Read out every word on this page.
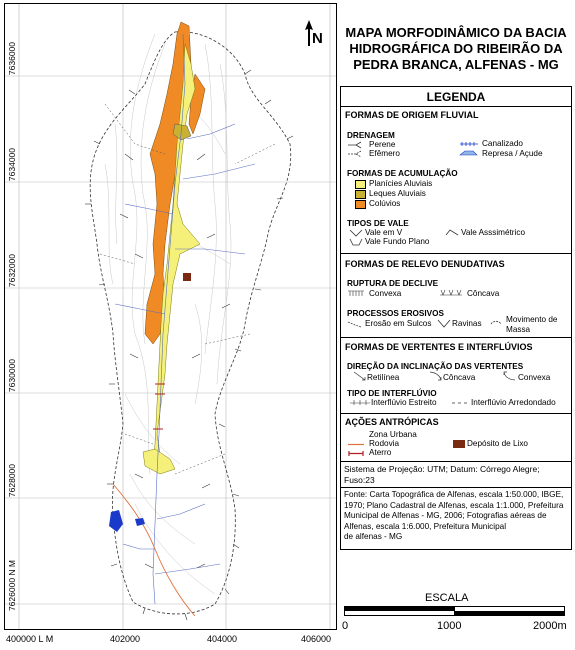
7636000
7634000
7632000
7630000
7628000
7626000 N M
400000 L M	402000	404000	406000
N	MAPA MORFODINÂMICO DA BACIA
HIDROGRÁFICA DO RIBEIRÃO DA
PEDRA BRANCA, ALFENAS - MG
LEGENDA
FORMAS DE ORIGEM FLUVIAL
DRENAGEM
Perene
Efêmero
Canalizado
Represa / Açude
FORMAS DE ACUMULAÇÃO
Planícies Aluviais
Leques Aluviais
Colúvios
TIPOS DE VALE
Vale em V	Vale Asssimétrico
Vale Fundo Plano
FORMAS DE RELEVO DENUDATIVAS
RUPTURA DE DECLIVE
Convexa	Côncava
PROCESSOS EROSIVOS
Erosão em Sulcos	Ravinas	Movimento de
Massa
FORMAS DE VERTENTES E INTERFLÚVIOS
DIREÇÃO DA INCLINAÇÃO DAS VERTENTES
Retilínea	Côncava	Convexa
TIPO DE INTERFLÚVIO
Interflúvio Estreito	Interflúvio Arredondado
AÇÕES ANTRÓPICAS
Zona Urbana
Rodovia	Depósito de Lixo
Aterro
Sistema de Projeção: UTM; Datum: Córrego Alegre;
Fuso:23
Fonte: Carta Topográfica de Alfenas, escala 1:50.000, IBGE,
1970; Plano Cadastral de Alfenas, escala 1:1.000, Prefeitura
Municipal de Alfenas - MG, 2006; Fotografias aéreas de
Alfenas, escala 1:6.000, Prefeitura Municipal
de alfenas - MG
ESCALA
0	1000	2000m
